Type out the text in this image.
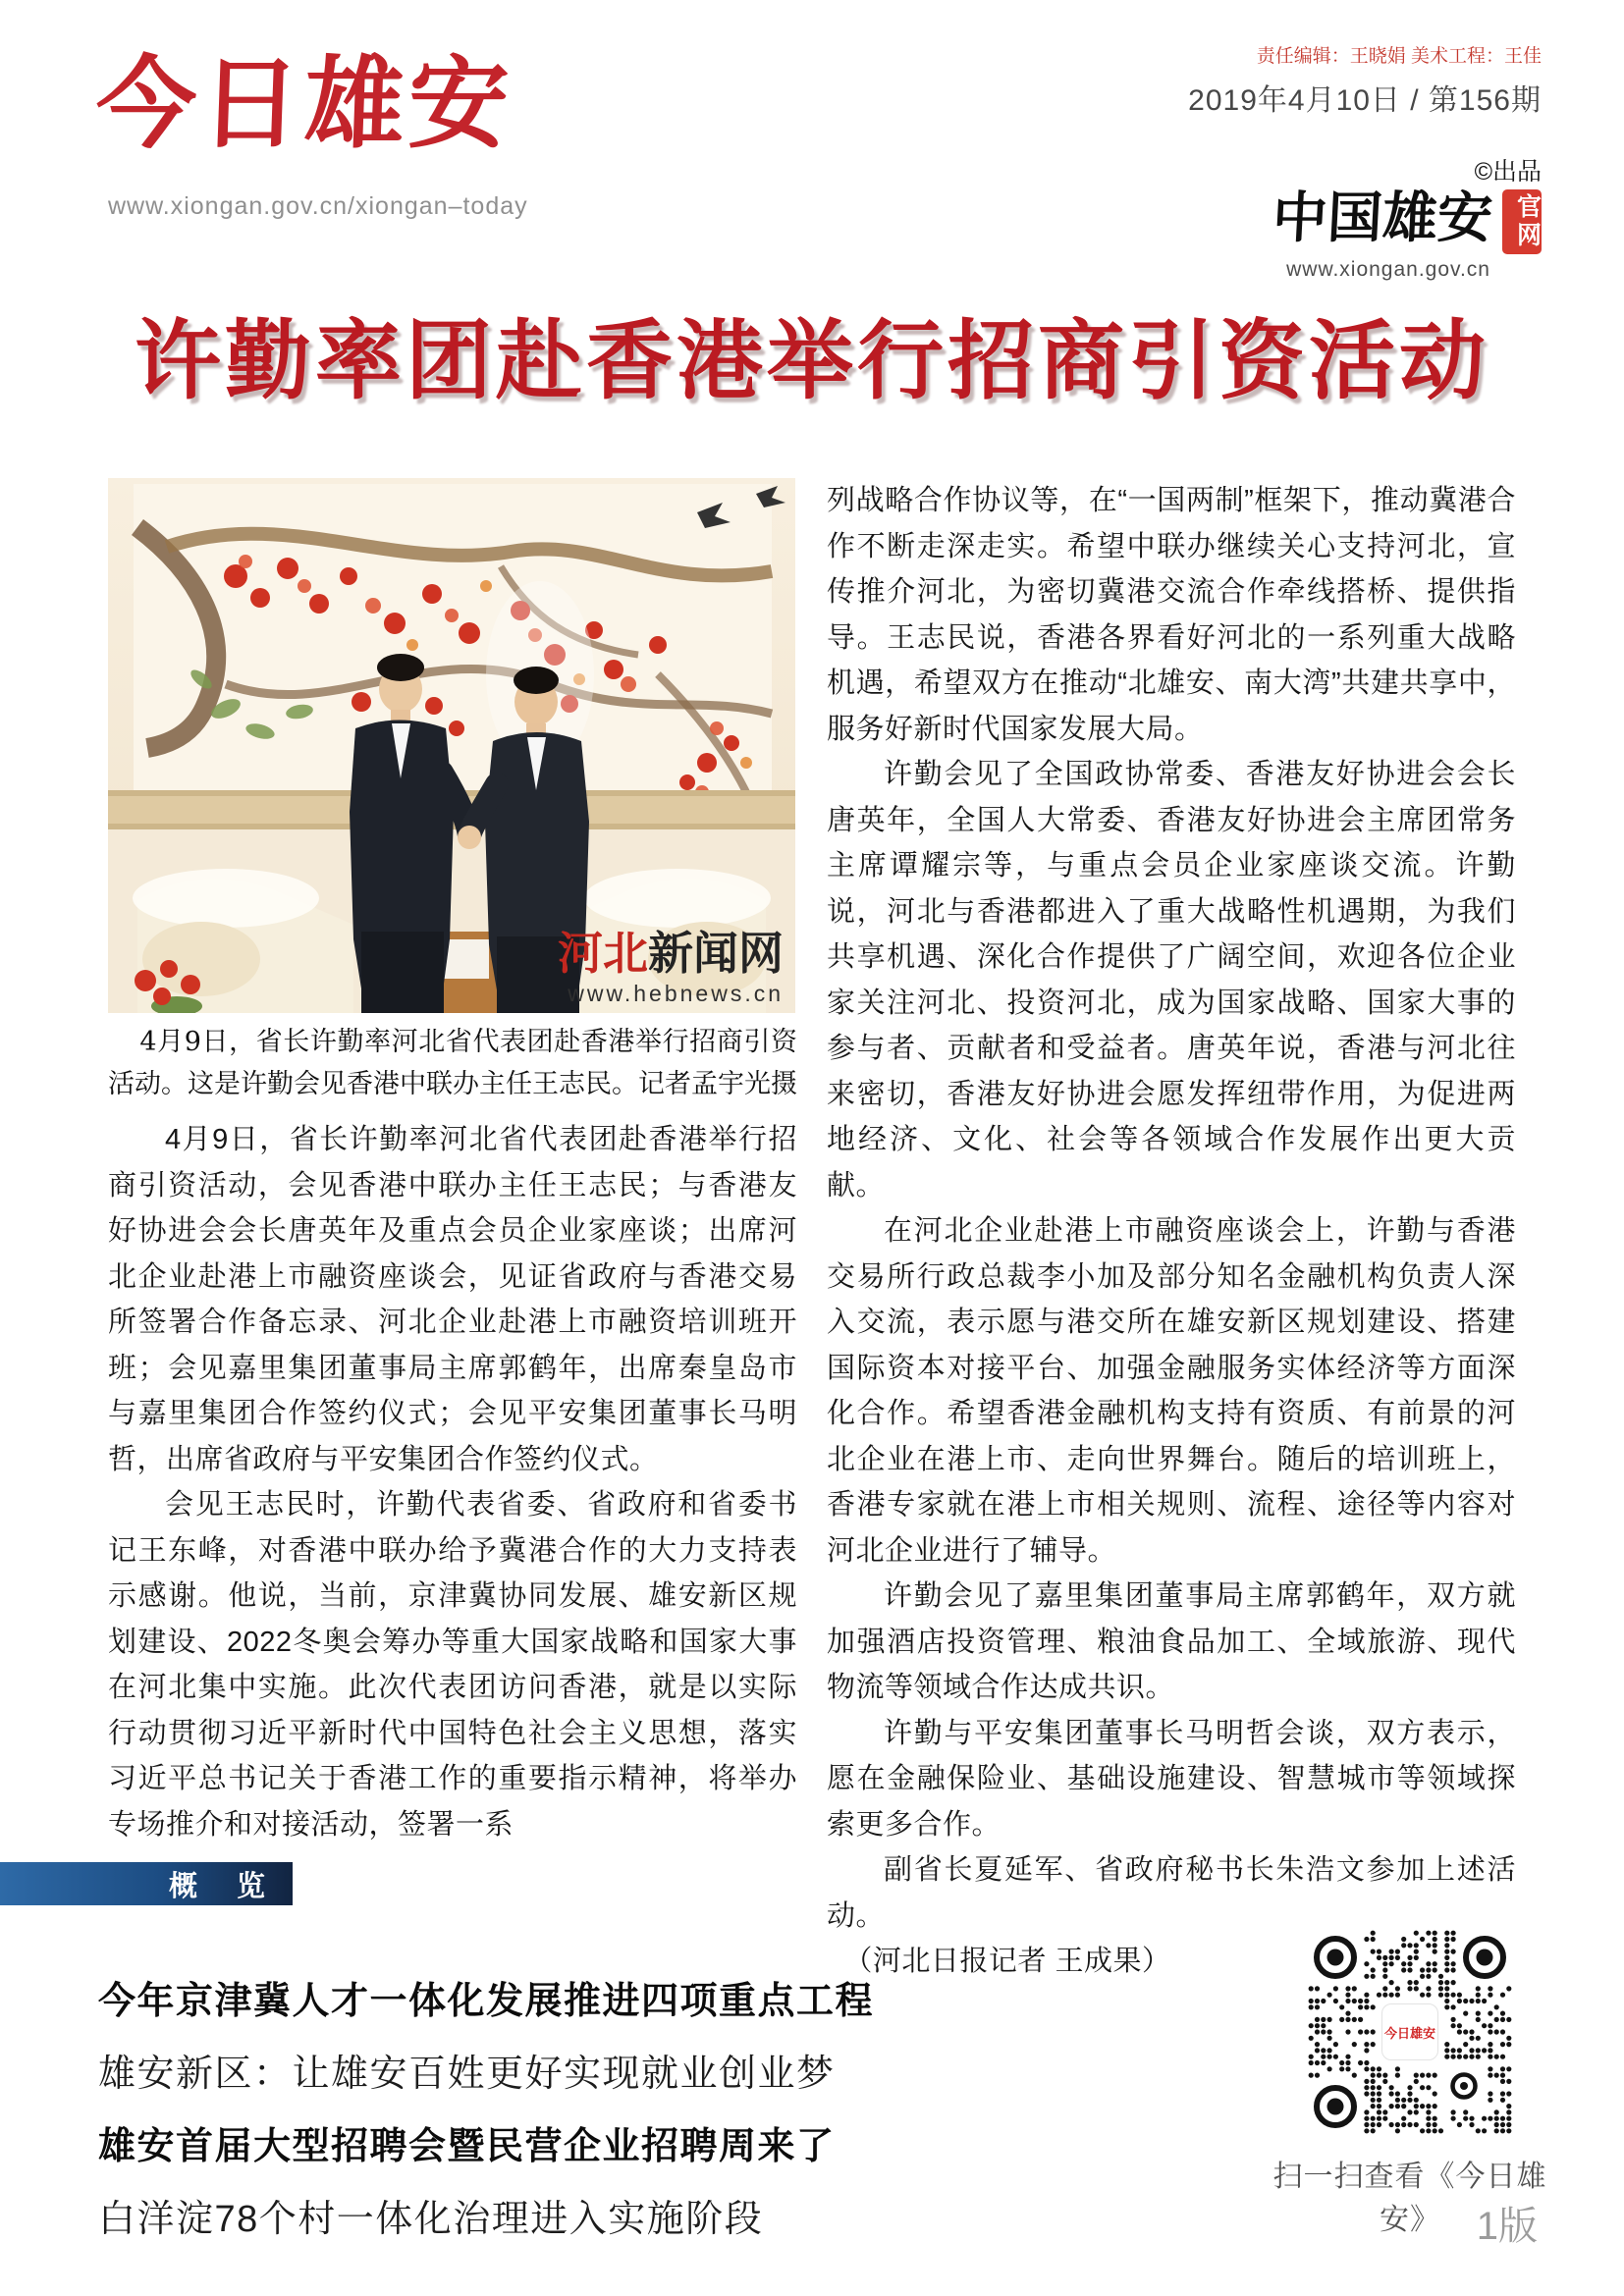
今日雄安
www.xiongan.gov.cn/xiongan–today
责任编辑：王晓娟 美术工程：王佳
2019年4月10日 / 第156期
©出品
中国雄安 官网
www.xiongan.gov.cn
许勤率团赴香港举行招商引资活动
河北新闻网
www.hebnews.cn
4月9日，省长许勤率河北省代表团赴香港举行招商引资活动。这是许勤会见香港中联办主任王志民。记者孟宇光摄

4月9日，省长许勤率河北省代表团赴香港举行招商引资活动，会见香港中联办主任王志民；与香港友好协进会会长唐英年及重点会员企业家座谈；出席河北企业赴港上市融资座谈会，见证省政府与香港交易所签署合作备忘录、河北企业赴港上市融资培训班开班；会见嘉里集团董事局主席郭鹤年，出席秦皇岛市与嘉里集团合作签约仪式；会见平安集团董事长马明哲，出席省政府与平安集团合作签约仪式。

会见王志民时，许勤代表省委、省政府和省委书记王东峰，对香港中联办给予冀港合作的大力支持表示感谢。他说，当前，京津冀协同发展、雄安新区规划建设、2022冬奥会筹办等重大国家战略和国家大事在河北集中实施。此次代表团访问香港，就是以实际行动贯彻习近平新时代中国特色社会主义思想，落实习近平总书记关于香港工作的重要指示精神，将举办专场推介和对接活动，签署一系

列战略合作协议等，在“一国两制”框架下，推动冀港合作不断走深走实。希望中联办继续关心支持河北，宣传推介河北，为密切冀港交流合作牵线搭桥、提供指导。王志民说，香港各界看好河北的一系列重大战略机遇，希望双方在推动“北雄安、南大湾”共建共享中，服务好新时代国家发展大局。

许勤会见了全国政协常委、香港友好协进会会长唐英年，全国人大常委、香港友好协进会主席团常务主席谭耀宗等，与重点会员企业家座谈交流。许勤说，河北与香港都进入了重大战略性机遇期，为我们共享机遇、深化合作提供了广阔空间，欢迎各位企业家关注河北、投资河北，成为国家战略、国家大事的参与者、贡献者和受益者。唐英年说，香港与河北往来密切，香港友好协进会愿发挥纽带作用，为促进两地经济、文化、社会等各领域合作发展作出更大贡献。

在河北企业赴港上市融资座谈会上，许勤与香港交易所行政总裁李小加及部分知名金融机构负责人深入交流，表示愿与港交所在雄安新区规划建设、搭建国际资本对接平台、加强金融服务实体经济等方面深化合作。希望香港金融机构支持有资质、有前景的河北企业在港上市、走向世界舞台。随后的培训班上，香港专家就在港上市相关规则、流程、途径等内容对河北企业进行了辅导。

许勤会见了嘉里集团董事局主席郭鹤年，双方就加强酒店投资管理、粮油食品加工、全域旅游、现代物流等领域合作达成共识。

许勤与平安集团董事长马明哲会谈，双方表示，愿在金融保险业、基础设施建设、智慧城市等领域探索更多合作。

副省长夏延军、省政府秘书长朱浩文参加上述活动。

（河北日报记者 王成果）

概 览
今年京津冀人才一体化发展推进四项重点工程
雄安新区：让雄安百姓更好实现就业创业梦
雄安首届大型招聘会暨民营企业招聘周来了
白洋淀78个村一体化治理进入实施阶段
今日雄安
扫一扫查看《今日雄安》 1版
